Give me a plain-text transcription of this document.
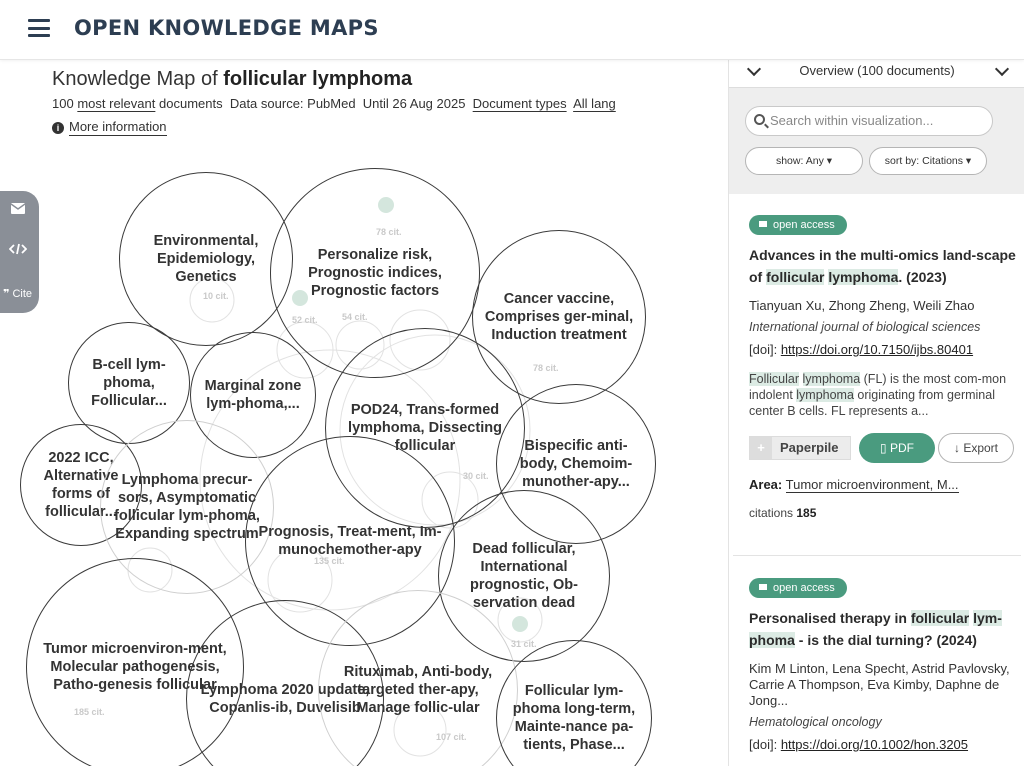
OPEN KNOWLEDGE MAPS
Knowledge Map of follicular lymphoma
100 most relevant documents Data source: PubMed Until 26 Aug 2025 Document types All lang
i More information
❞ Cite
78 cit.
10 cit.
52 cit.	54 cit.
78 cit.
30 cit.
135 cit.
31 cit.
185 cit.
107 cit.
Environmental, Epidemiology, Genetics
Personalize risk, Prognostic indices, Prognostic factors	Cancer vaccine, Comprises ger-minal, Induction treatment
B-cell lym-phoma, Follicular...
Marginal zone lym-phoma,...	POD24, Trans-formed lymphoma, Dissecting follicular	Bispecific anti-body, Chemoim-munother-apy...
2022 ICC, Alternative forms of follicular...
Lymphoma precur-sors, Asymptomatic follicular lym-phoma, Expanding spectrum Prognosis, Treat-ment, Im-munochemother-apy	Dead follicular, International prognostic, Ob-servation dead
Tumor microenviron-ment, Molecular pathogenesis, Patho-genesis follicular
Lymphoma 2020 update, Copanlis-ib, Duvelisib
Rituximab, Anti-body, targeted ther-apy, Manage follic-ular
Follicular lym-phoma long-term, Mainte-nance pa-tients, Phase...
Overview (100 documents)
Search within visualization...
show: Any ▾	sort by: Citations ▾
open access
Advances in the multi-omics land-scape of follicular lymphoma. (2023)
Tianyuan Xu, Zhong Zheng, Weili Zhao
International journal of biological sciences
[doi]: https://doi.org/10.7150/ijbs.80401
Follicular lymphoma (FL) is the most com-mon indolent lymphoma originating from germinal center B cells. FL represents a...
+ Paperpile	▯ PDF	↓ Export
Area: Tumor microenvironment, M...
citations 185
open access
Personalised therapy in follicular lym-phoma - is the dial turning? (2024)
Kim M Linton, Lena Specht, Astrid Pavlovsky, Carrie A Thompson, Eva Kimby, Daphne de Jong...
Hematological oncology
[doi]: https://doi.org/10.1002/hon.3205
